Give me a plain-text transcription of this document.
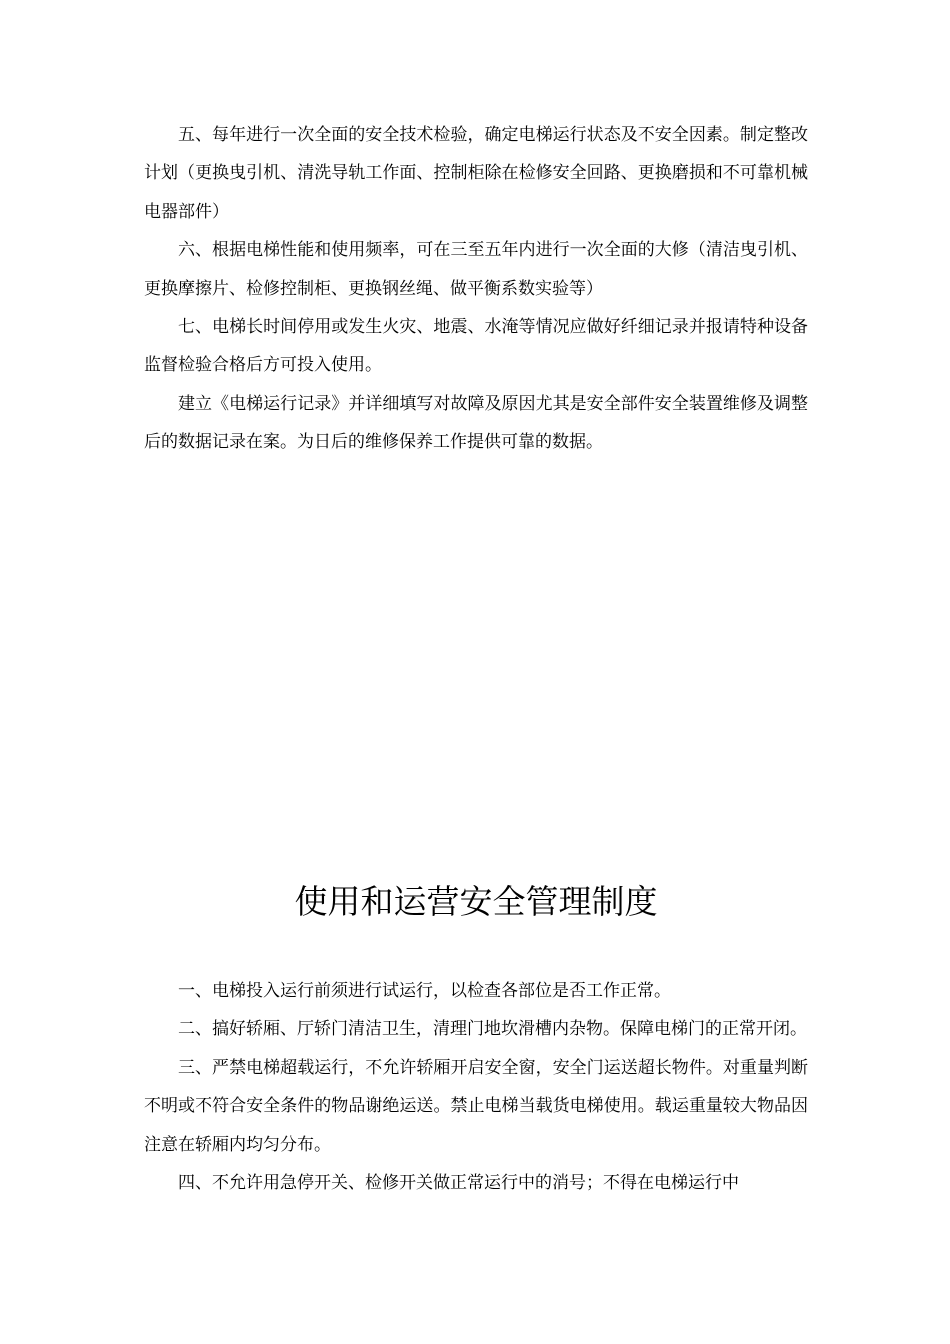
五、每年进行一次全面的安全技术检验，确定电梯运行状态及不安全因素。制定整改计划（更换曳引机、清洗导轨工作面、控制柜除在检修安全回路、更换磨损和不可靠机械电器部件）

六、根据电梯性能和使用频率，可在三至五年内进行一次全面的大修（清洁曳引机、更换摩擦片、检修控制柜、更换钢丝绳、做平衡系数实验等）

七、电梯长时间停用或发生火灾、地震、水淹等情况应做好纤细记录并报请特种设备监督检验合格后方可投入使用。

建立《电梯运行记录》并详细填写对故障及原因尤其是安全部件安全装置维修及调整后的数据记录在案。为日后的维修保养工作提供可靠的数据。

使用和运营安全管理制度

一、电梯投入运行前须进行试运行，以检查各部位是否工作正常。

二、搞好轿厢、厅轿门清洁卫生，清理门地坎滑槽内杂物。保障电梯门的正常开闭。

三、严禁电梯超载运行，不允许轿厢开启安全窗，安全门运送超长物件。对重量判断不明或不符合安全条件的物品谢绝运送。禁止电梯当载货电梯使用。载运重量较大物品因注意在轿厢内均匀分布。

四、不允许用急停开关、检修开关做正常运行中的消号；不得在电梯运行中
